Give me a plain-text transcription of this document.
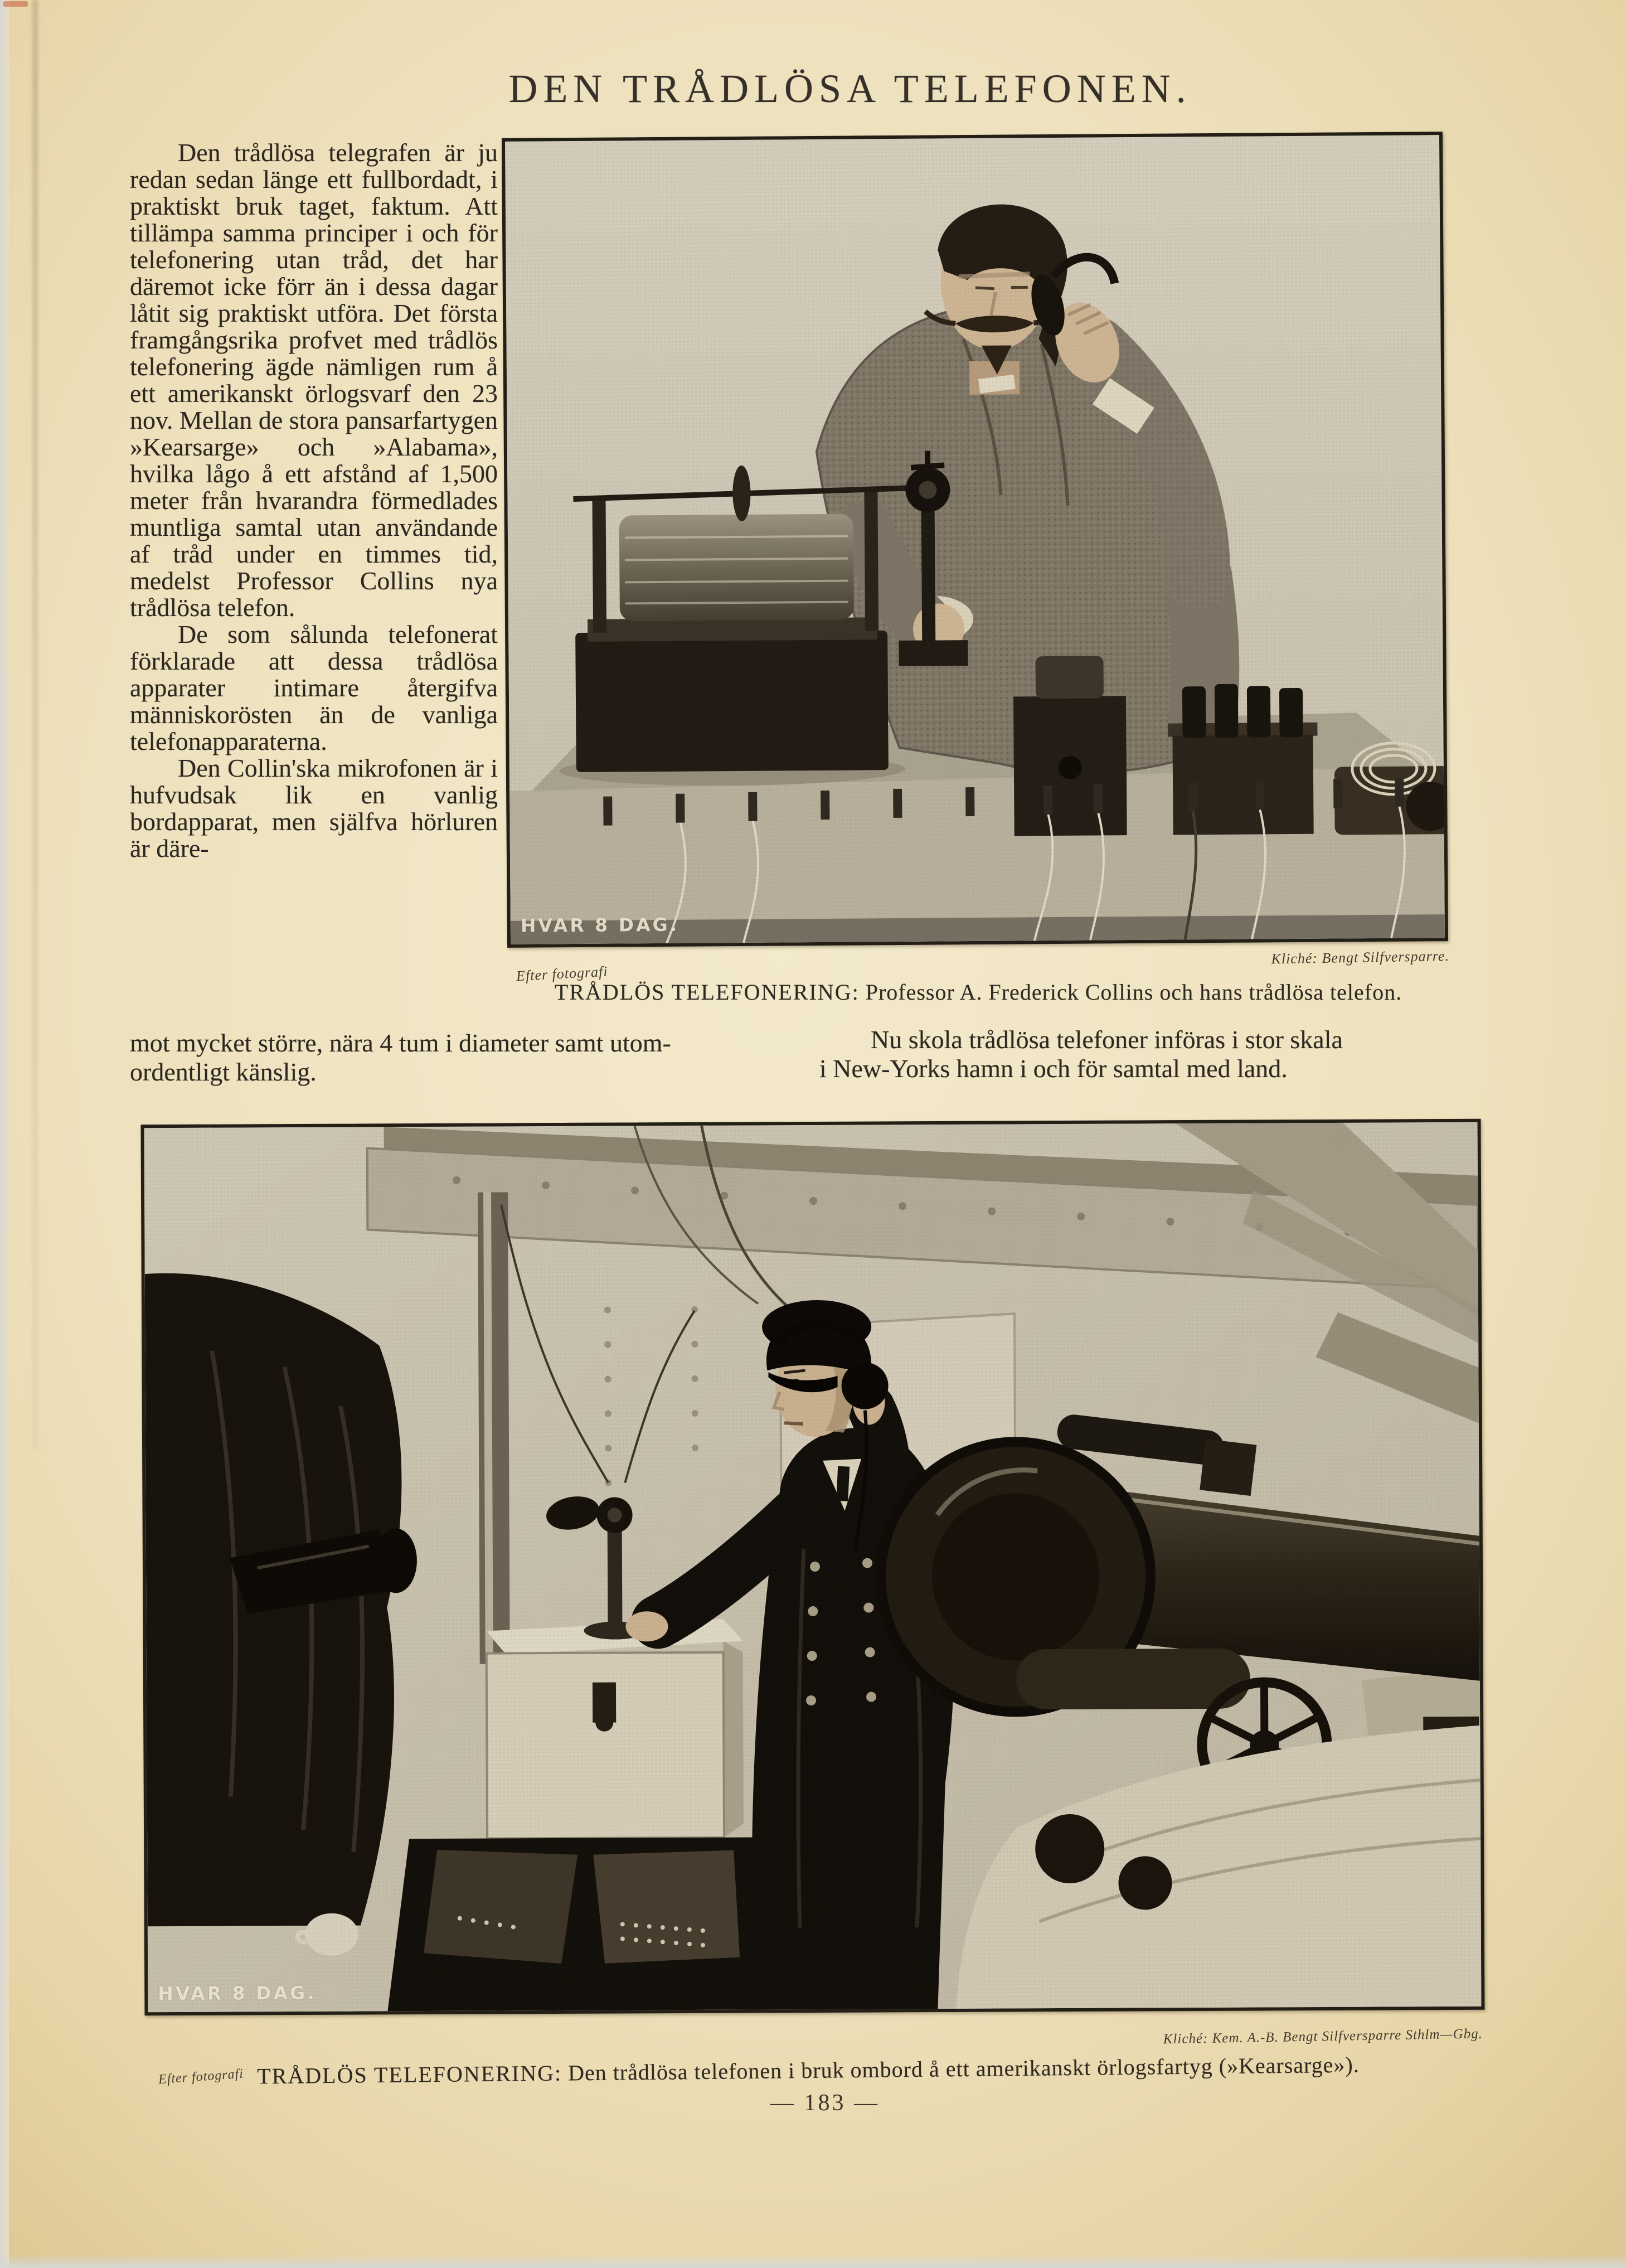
DEN TRÅDLÖSA TELEFONEN.

Den trådlösa telegrafen är ju redan sedan länge ett fullbordadt, i praktiskt bruk taget, faktum. Att tillämpa samma principer i och för telefonering utan tråd, det har däremot icke förr än i dessa dagar låtit sig praktiskt utföra. Det första framgångsrika profvet med trådlös telefonering ägde nämligen rum å ett amerikanskt örlogsvarf den 23 nov. Mellan de stora pansarfartygen »Kearsarge» och »Alabama», hvilka lågo å ett afstånd af 1,500 meter från hvarandra förmedlades muntliga samtal utan användande af tråd under en timmes tid, medelst Professor Collins nya trådlösa telefon.

De som sålunda telefonerat förklarade att dessa trådlösa apparater intimare återgifva människorösten än de vanliga telefonapparaterna.

Den Collin'ska mikrofonen är i hufvudsak lik en vanlig bordapparat, men själfva hörluren är däre-

HVAR 8 DAG.
Efter fotografi
Kliché: Bengt Silfversparre.
TRÅDLÖS TELEFONERING: Professor A. Frederick Collins och hans trådlösa telefon.
mot mycket större, nära 4 tum i diameter samt utom-
ordentligt känslig.
Nu skola trådlösa telefoner införas i stor skala
i New-Yorks hamn i och för samtal med land.
HVAR 8 DAG.
Kliché: Kem. A.-B. Bengt Silfversparre Sthlm—Gbg.
Efter fotografi TRÅDLÖS TELEFONERING: Den trådlösa telefonen i bruk ombord å ett amerikanskt örlogsfartyg (»Kearsarge»).
— 183 —
